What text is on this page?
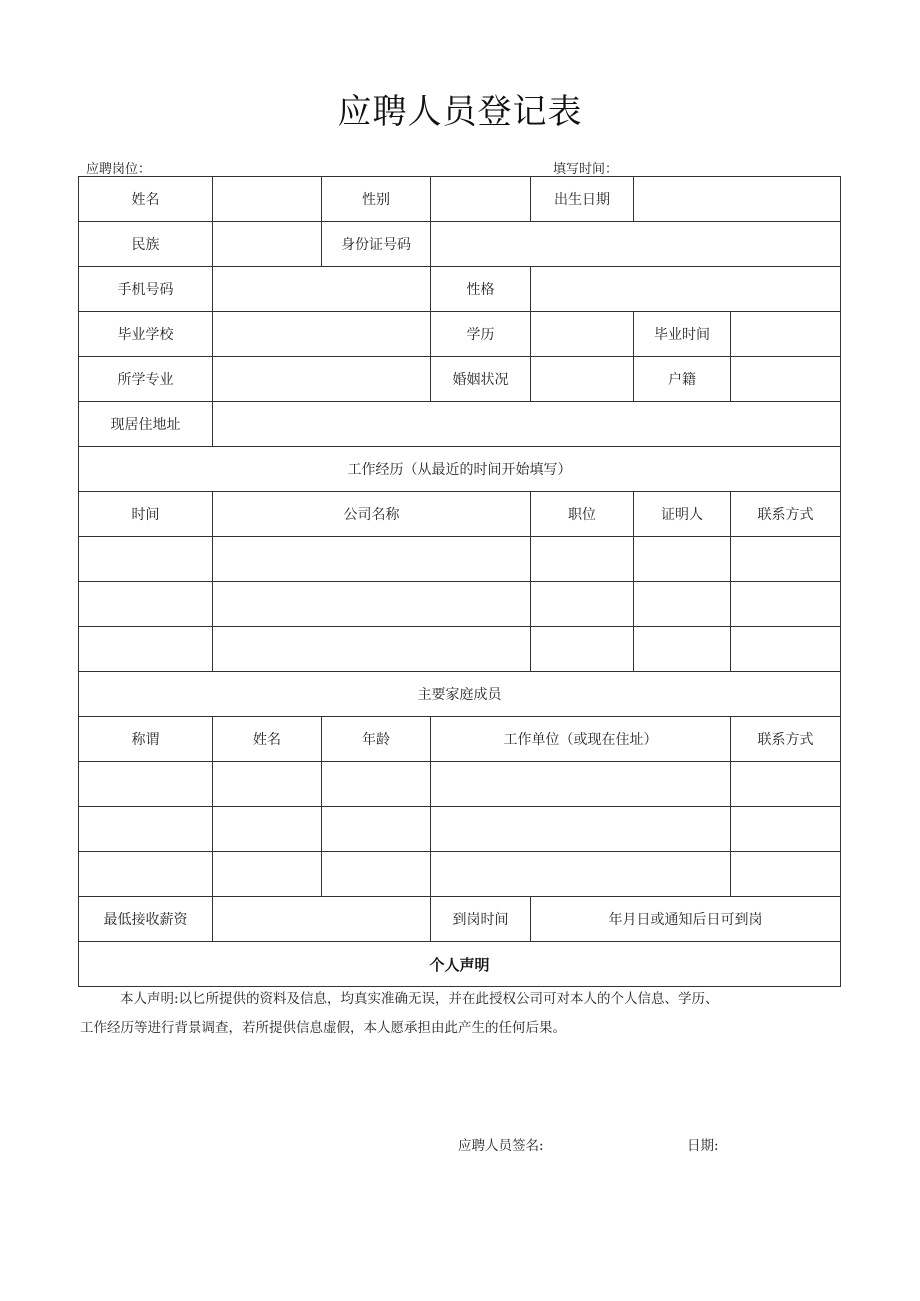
应聘人员登记表
应聘岗位：	填写时间：
姓名		性别		出生日期		
民族		身份证号码				
手机号码			性格			
毕业学校			学历		毕业时间	
所学专业			婚姻状况		户籍	
现居住地址						
工作经历（从最近的时间开始填写）						
时间	公司名称			职位	证明人	联系方式

主要家庭成员						
称谓	姓名	年龄	工作单位（或现在住址）			联系方式

最低接收薪资			到岗时间	年月日或通知后日可到岗		
个人声明						
本人声明:以匕所提供的资料及信息，均真实准确无误，并在此授权公司可对本人的个人信息、学历、
工作经历等进行背景调查，若所提供信息虚假，本人愿承担由此产生的任何后果。
应聘人员签名:	日期:
